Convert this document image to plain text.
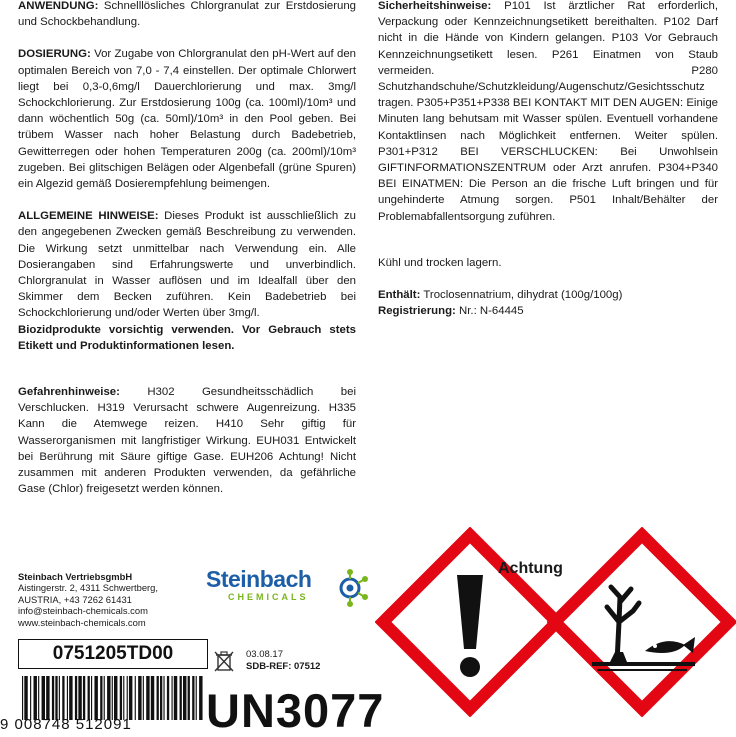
ANWENDUNG: Schnelllösliches Chlorgranulat zur Erstdosierung und Schockbehandlung.

DOSIERUNG: Vor Zugabe von Chlorgranulat den pH-Wert auf den optimalen Bereich von 7,0 - 7,4 einstellen. Der optimale Chlorwert liegt bei 0,3-0,6mg/l Dauerchlorierung und max. 3mg/l Schockchlorierung. Zur Erstdosierung 100g (ca. 100ml)/10m³ und dann wöchentlich 50g (ca. 50ml)/10m³ in den Pool geben. Bei trübem Wasser nach hoher Belastung durch Badebetrieb, Gewitterregen oder hohen Temperaturen 200g (ca. 200ml)/10m³ zugeben. Bei glitschigen Belägen oder Algenbefall (grüne Spuren) ein Algezid gemäß Dosierempfehlung beimengen.

ALLGEMEINE HINWEISE: Dieses Produkt ist ausschließlich zu den angegebenen Zwecken gemäß Beschreibung zu verwenden. Die Wirkung setzt unmittelbar nach Verwendung ein. Alle Dosierangaben sind Erfahrungswerte und unverbindlich. Chlorgranulat in Wasser auflösen und im Idealfall über den Skimmer dem Becken zuführen. Kein Badebetrieb bei Schockchlorierung und/oder Werten über 3mg/l.

Biozidprodukte vorsichtig verwenden. Vor Gebrauch stets Etikett und Produktinformationen lesen.

Gefahrenhinweise: H302 Gesundheitsschädlich bei Verschlucken. H319 Verursacht schwere Augenreizung. H335 Kann die Atemwege reizen. H410 Sehr giftig für Wasserorganismen mit langfristiger Wirkung. EUH031 Entwickelt bei Berührung mit Säure giftige Gase. EUH206 Achtung! Nicht zusammen mit anderen Produkten verwenden, da gefährliche Gase (Chlor) freigesetzt werden können.

Sicherheitshinweise: P101 Ist ärztlicher Rat erforderlich, Verpackung oder Kennzeichnungsetikett bereithalten. P102 Darf nicht in die Hände von Kindern gelangen. P103 Vor Gebrauch Kennzeichnungsetikett lesen. P261 Einatmen von Staub vermeiden. P280 Schutzhandschuhe/Schutzkleidung/Augenschutz/Gesichtsschutz tragen. P305+P351+P338 BEI KONTAKT MIT DEN AUGEN: Einige Minuten lang behutsam mit Wasser spülen. Eventuell vorhandene Kontaktlinsen nach Möglichkeit entfernen. Weiter spülen. P301+P312 BEI VERSCHLUCKEN: Bei Unwohlsein GIFTINFORMATIONSZENTRUM oder Arzt anrufen. P304+P340 BEI EINATMEN: Die Person an die frische Luft bringen und für ungehinderte Atmung sorgen. P501 Inhalt/Behälter der Problemabfallentsorgung zuführen.

Kühl und trocken lagern.

Enthält: Troclosennatrium, dihydrat (100g/100g)

Registrierung: Nr.: N-64445

Steinbach VertriebsgmbH
Aistingerstr. 2, 4311 Schwertberg,
AUSTRIA, +43 7262 61431
info@steinbach-chemicals.com
www.steinbach-chemicals.com
Steinbach
CHEMICALS
0751205TD00
9 008748 512091
03.08.17
SDB-REF: 07512
UN3077
Achtung
